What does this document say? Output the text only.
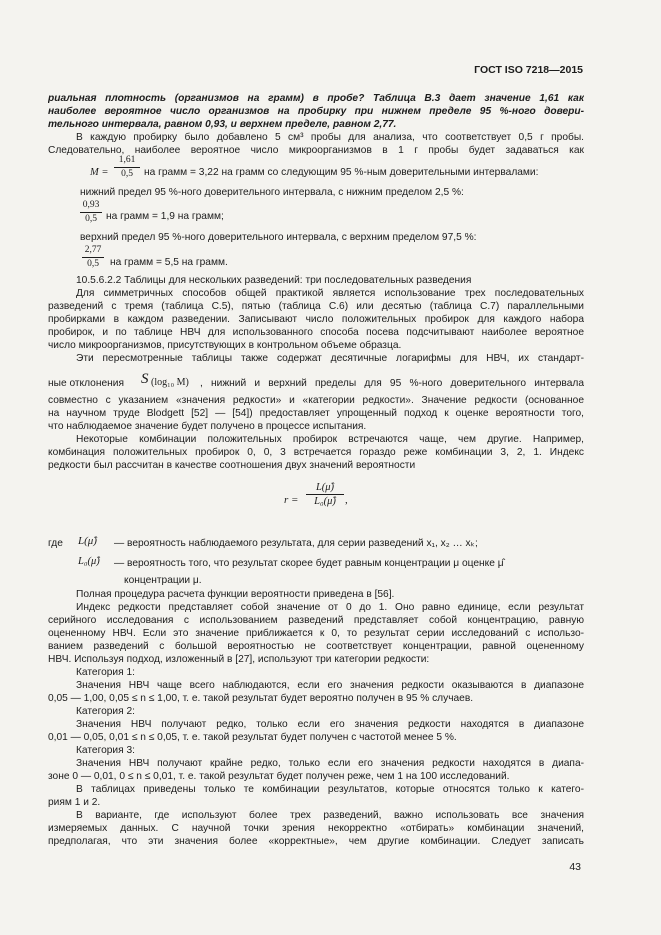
ГОСТ ISO 7218—2015
риальная плотность (организмов на грамм) в пробе? Таблица В.3 дает значение 1,61 как
наиболее вероятное число организмов на пробирку при нижнем пределе 95 %-ного довери-
тельного интервала, равном 0,93, и верхнем пределе, равном 2,77.
В каждую пробирку было добавлено 5 см³ пробы для анализа, что соответствует 0,5 г пробы.
Следовательно, наиболее вероятное число микроорганизмов в 1 г пробы будет задаваться как
M =
1,61
0,5	на грамм = 3,22 на грамм со следующим 95 %-ным доверительными интервалами:
нижний предел 95 %-ного доверительного интервала, с нижним пределом 2,5 %:
0,93
0,5 на грамм = 1,9 на грамм;
верхний предел 95 %-ного доверительного интервала, с верхним пределом 97,5 %:
2,77
0,5	на грамм = 5,5 на грамм.
10.5.6.2.2 Таблицы для нескольких разведений: три последовательных разведения
Для симметричных способов общей практикой является использование трех последовательных
разведений с тремя (таблица С.5), пятью (таблица С.6) или десятью (таблица С.7) параллельными
пробирками в каждом разведении. Записывают число положительных пробирок для каждого набора
пробирок, и по таблице НВЧ для использованного способа посева подсчитывают наиболее вероятное
число микроорганизмов, присутствующих в контрольном объеме образца.
Эти пересмотренные таблицы также содержат десятичные логарифмы для НВЧ, их стандарт-
ные отклонения	S (log₁₀ M) , нижний и верхний пределы для 95 %-ного доверительного интервала
совместно с указанием «значения редкости» и «категории редкости». Значение редкости (основанное
на научном труде Blodgett [52] — [54]) предоставляет упрощенный подход к оценке вероятности того,
что наблюдаемое значение будет получено в процессе испытания.
Некоторые комбинации положительных пробирок встречаются чаще, чем другие. Например,
комбинация положительных пробирок 0, 0, 3 встречается гораздо реже комбинации 3, 2, 1. Индекс
редкости был рассчитан в качестве соотношения двух значений вероятности
r =
L(μ̂)
L₀(μ̂) ,
где	L(μ̂) — вероятность наблюдаемого результата, для серии разведений x₁, x₂ … xₖ;
L₀(μ̂) — вероятность того, что результат скорее будет равным концентрации μ оценке μ̂
концентрации μ.
Полная процедура расчета функции вероятности приведена в [56].
Индекс редкости представляет собой значение от 0 до 1. Оно равно единице, если результат
серийного исследования с использованием разведений представляет собой концентрацию, равную
оцененному НВЧ. Если это значение приближается к 0, то результат серии исследований с использо-
ванием разведений с большой вероятностью не соответствует концентрации, равной оцененному
НВЧ. Используя подход, изложенный в [27], используют три категории редкости:
Категория 1:
Значения НВЧ чаще всего наблюдаются, если его значения редкости оказываются в диапазоне
0,05 — 1,00, 0,05 ≤ n ≤ 1,00, т. е. такой результат будет вероятно получен в 95 % случаев.
Категория 2:
Значения НВЧ получают редко, только если его значения редкости находятся в диапазоне
0,01 — 0,05, 0,01 ≤ n ≤ 0,05, т. е. такой результат будет получен с частотой менее 5 %.
Категория 3:
Значения НВЧ получают крайне редко, только если его значения редкости находятся в диапа-
зоне 0 — 0,01, 0 ≤ n ≤ 0,01, т. е. такой результат будет получен реже, чем 1 на 100 исследований.
В таблицах приведены только те комбинации результатов, которые относятся только к катего-
риям 1 и 2.
В варианте, где используют более трех разведений, важно использовать все значения
измеряемых данных. С научной точки зрения некорректно «отбирать» комбинации значений,
предполагая, что эти значения более «корректные», чем другие комбинации. Следует записать
43
